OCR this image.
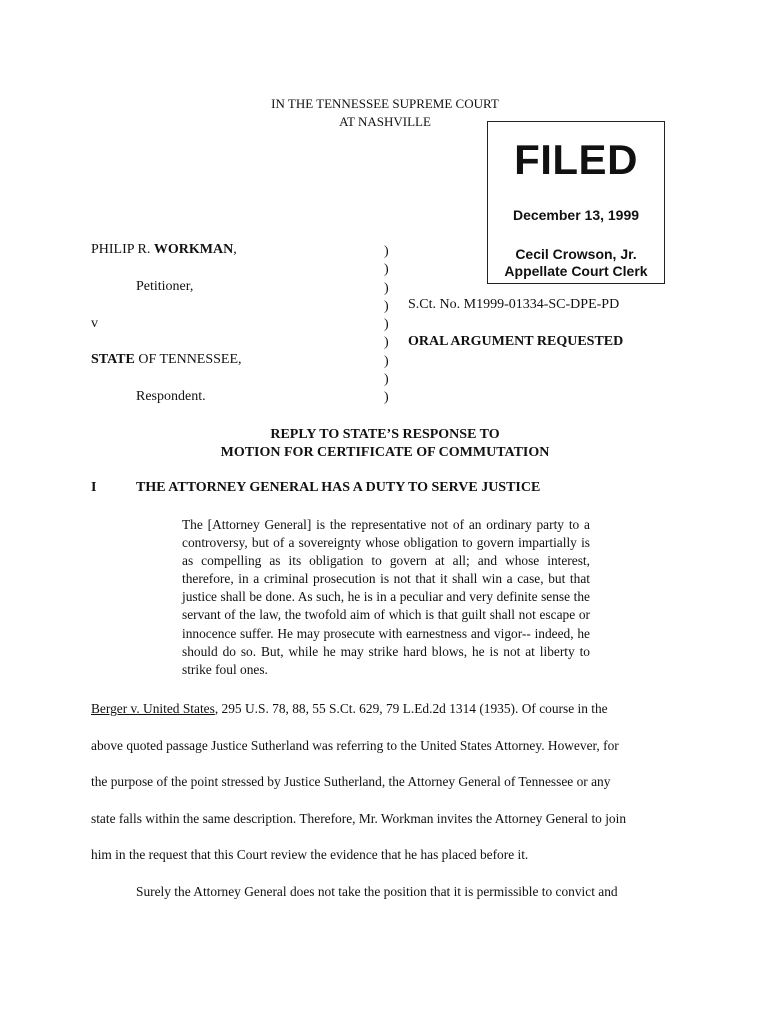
IN THE TENNESSEE SUPREME COURT
AT NASHVILLE
FILED
December 13, 1999
Cecil Crowson, Jr.
Appellate Court Clerk
PHILIP R. WORKMAN,
Petitioner,
v
STATE OF TENNESSEE,
Respondent.
)
)
)
)
)
)
)
)
)
S.Ct. No. M1999-01334-SC-DPE-PD
ORAL ARGUMENT REQUESTED
REPLY TO STATE’S RESPONSE TO
MOTION FOR CERTIFICATE OF COMMUTATION
I	THE ATTORNEY GENERAL HAS A DUTY TO SERVE JUSTICE
The [Attorney General] is the representative not of an ordinary party to a controversy, but of a sovereignty whose obligation to govern impartially is as compelling as its obligation to govern at all; and whose interest, therefore, in a criminal prosecution is not that it shall win a case, but that justice shall be done. As such, he is in a peculiar and very definite sense the servant of the law, the twofold aim of which is that guilt shall not escape or innocence suffer. He may prosecute with earnestness and vigor-- indeed, he should do so. But, while he may strike hard blows, he is not at liberty to strike foul ones.
Berger v. United States, 295 U.S. 78, 88, 55 S.Ct. 629, 79 L.Ed.2d 1314 (1935). Of course in the
above quoted passage Justice Sutherland was referring to the United States Attorney. However, for
the purpose of the point stressed by Justice Sutherland, the Attorney General of Tennessee or any
state falls within the same description. Therefore, Mr. Workman invites the Attorney General to join
him in the request that this Court review the evidence that he has placed before it.
Surely the Attorney General does not take the position that it is permissible to convict and
